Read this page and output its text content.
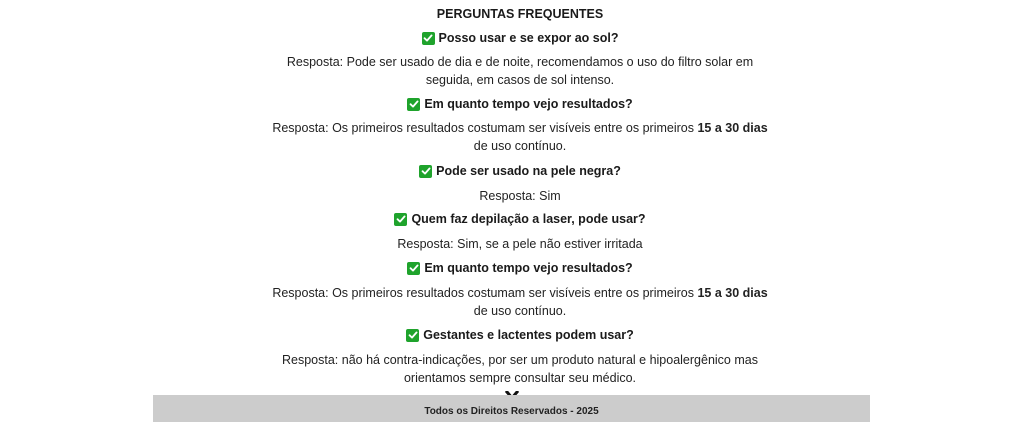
PERGUNTAS FREQUENTES
Posso usar e se expor ao sol?
Resposta: Pode ser usado de dia e de noite, recomendamos o uso do filtro solar em seguida, em casos de sol intenso.
Em quanto tempo vejo resultados?
Resposta: Os primeiros resultados costumam ser visíveis entre os primeiros 15 a 30 dias de uso contínuo.
Pode ser usado na pele negra?
Resposta: Sim
Quem faz depilação a laser, pode usar?
Resposta: Sim, se a pele não estiver irritada
Em quanto tempo vejo resultados?
Resposta: Os primeiros resultados costumam ser visíveis entre os primeiros 15 a 30 dias de uso contínuo.
Gestantes e lactentes podem usar?
Resposta: não há contra-indicações, por ser um produto natural e hipoalergênico mas orientamos sempre consultar seu médico.
Todos os Direitos Reservados - 2025
